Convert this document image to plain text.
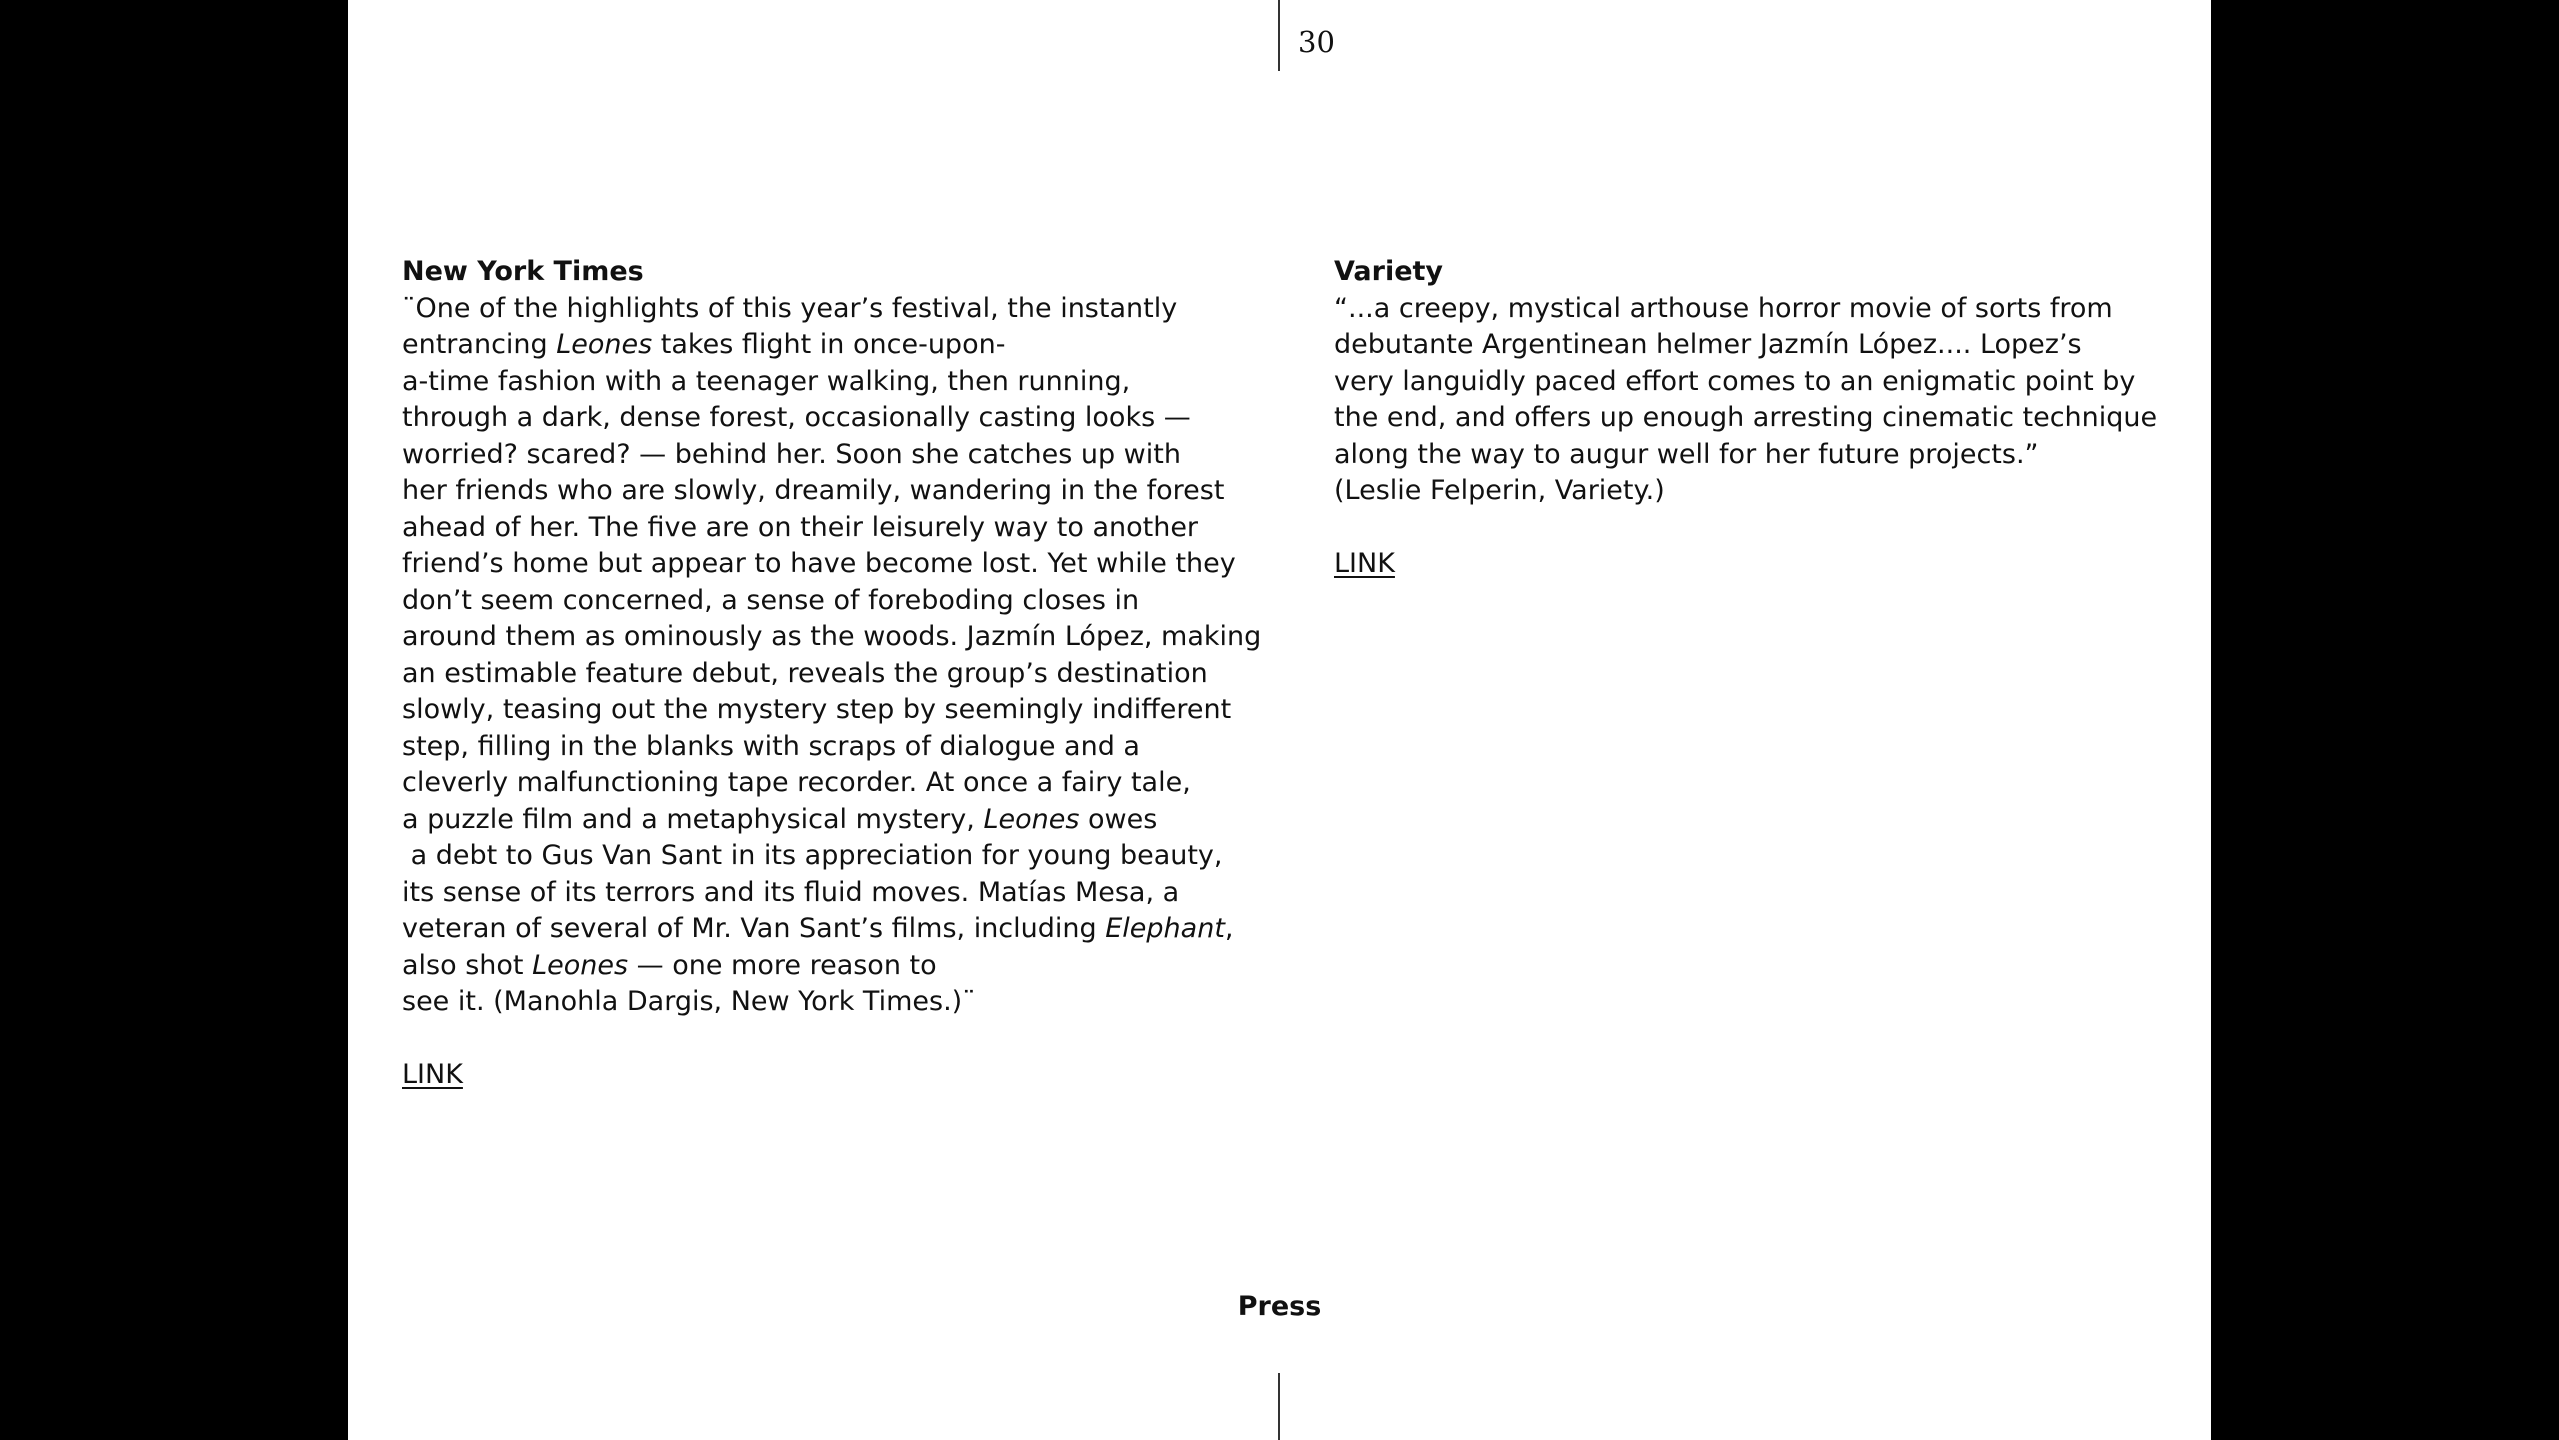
30
New York Times
¨One of the highlights of this year’s festival, the instantly
entrancing Leones takes flight in once-upon-
a-time fashion with a teenager walking, then running,
through a dark, dense forest, occasionally casting looks —
worried? scared? — behind her. Soon she catches up with
her friends who are slowly, dreamily, wandering in the forest
ahead of her. The five are on their leisurely way to another
friend’s home but appear to have become lost. Yet while they
don’t seem concerned, a sense of foreboding closes in
around them as ominously as the woods. Jazmín López, making
an estimable feature debut, reveals the group’s destination
slowly, teasing out the mystery step by seemingly indifferent
step, filling in the blanks with scraps of dialogue and a
cleverly malfunctioning tape recorder. At once a fairy tale,
a puzzle film and a metaphysical mystery, Leones owes
a debt to Gus Van Sant in its appreciation for young beauty,
its sense of its terrors and its fluid moves. Matías Mesa, a
veteran of several of Mr. Van Sant’s films, including Elephant,
also shot Leones — one more reason to
see it. (Manohla Dargis, New York Times.)¨
LINK
Variety
“...a creepy, mystical arthouse horror movie of sorts from
debutante Argentinean helmer Jazmín López.... Lopez’s
very languidly paced effort comes to an enigmatic point by
the end, and offers up enough arresting cinematic technique
along the way to augur well for her future projects.”
(Leslie Felperin, Variety.)
LINK
Press
